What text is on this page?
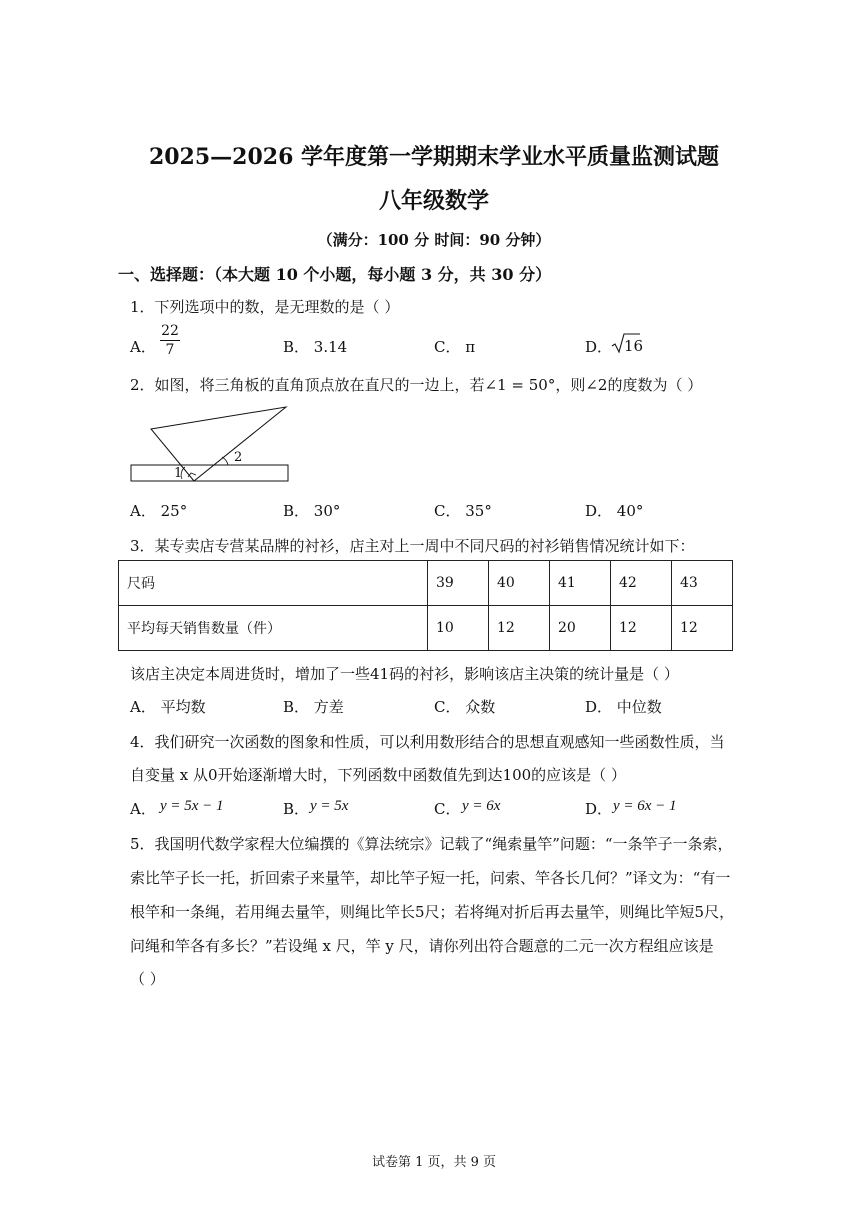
2025—2026 学年度第一学期期末学业水平质量监测试题
八年级数学
（满分：100 分 时间：90 分钟）
一、选择题：（本大题 10 个小题，每小题 3 分，共 30 分）
1．下列选项中的数，是无理数的是（ ）
A．
22
7	B． 3.14	C． π	D． 16
2．如图，将三角板的直角顶点放在直尺的一边上，若∠1 = 50°，则∠2的度数为（ ）
1
2
A． 25°	B． 30°	C． 35°	D． 40°
3．某专卖店专营某品牌的衬衫，店主对上一周中不同尺码的衬衫销售情况统计如下：
尺码	39	40	41	42	43
平均每天销售数量（件）	10	12	20	12	12
该店主决定本周进货时，增加了一些41码的衬衫，影响该店主决策的统计量是（ ）
A． 平均数	B． 方差	C． 众数	D． 中位数
4．我们研究一次函数的图象和性质，可以利用数形结合的思想直观感知一些函数性质，当
自变量 x 从0开始逐渐增大时，下列函数中函数值先到达100的应该是（ ）
A． y = 5x − 1	B． y = 5x	C． y = 6x	D． y = 6x − 1
5．我国明代数学家程大位编撰的《算法统宗》记载了“绳索量竿”问题：“一条竿子一条索，
索比竿子长一托，折回索子来量竿，却比竿子短一托，问索、竿各长几何？”译文为：“有一
根竿和一条绳，若用绳去量竿，则绳比竿长5尺；若将绳对折后再去量竿，则绳比竿短5尺，
问绳和竿各有多长？”若设绳 x 尺，竿 y 尺，请你列出符合题意的二元一次方程组应该是
（ ）
试卷第 1 页，共 9 页
